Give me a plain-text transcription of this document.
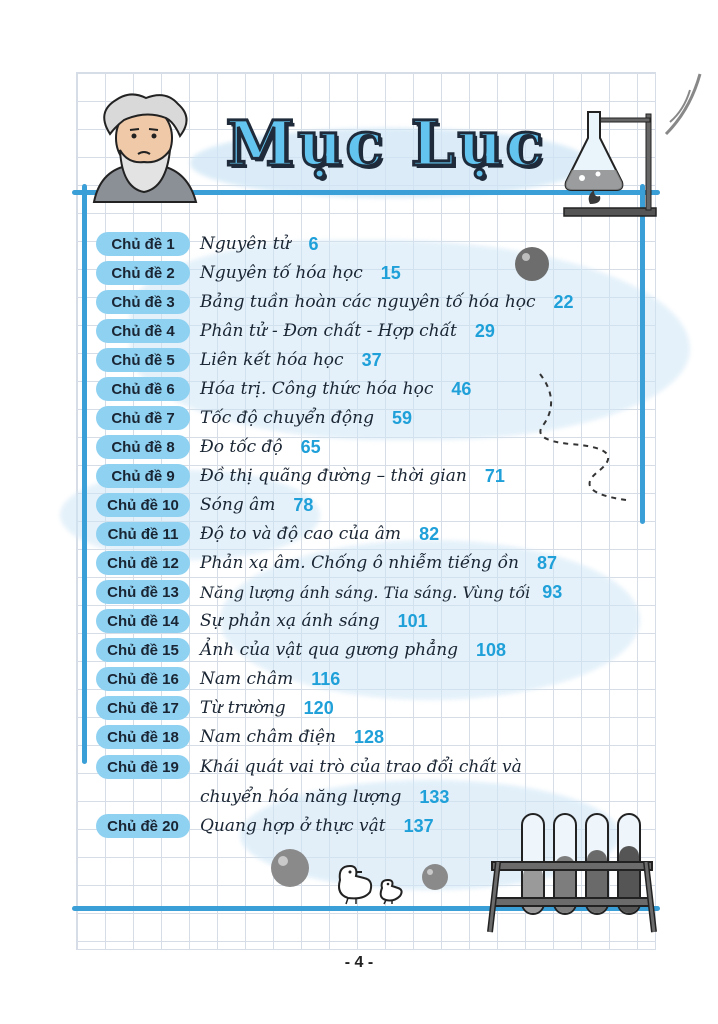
Mục Lục
Chủ đề 1	Nguyên tử 6
Chủ đề 2	Nguyên tố hóa học 15
Chủ đề 3	Bảng tuần hoàn các nguyên tố hóa học 22
Chủ đề 4	Phân tử - Đơn chất - Hợp chất 29
Chủ đề 5	Liên kết hóa học 37
Chủ đề 6	Hóa trị. Công thức hóa học 46
Chủ đề 7	Tốc độ chuyển động 59
Chủ đề 8	Đo tốc độ 65
Chủ đề 9	Đồ thị quãng đường – thời gian 71
Chủ đề 10	Sóng âm 78
Chủ đề 11	Độ to và độ cao của âm 82
Chủ đề 12	Phản xạ âm. Chống ô nhiễm tiếng ồn 87
Chủ đề 13	Năng lượng ánh sáng. Tia sáng. Vùng tối 93
Chủ đề 14	Sự phản xạ ánh sáng 101
Chủ đề 15	Ảnh của vật qua gương phẳng 108
Chủ đề 16	Nam châm 116
Chủ đề 17	Từ trường 120
Chủ đề 18	Nam châm điện 128
Chủ đề 19	Khái quát vai trò của trao đổi chất và
chuyển hóa năng lượng 133
Chủ đề 20	Quang hợp ở thực vật 137
- 4 -
